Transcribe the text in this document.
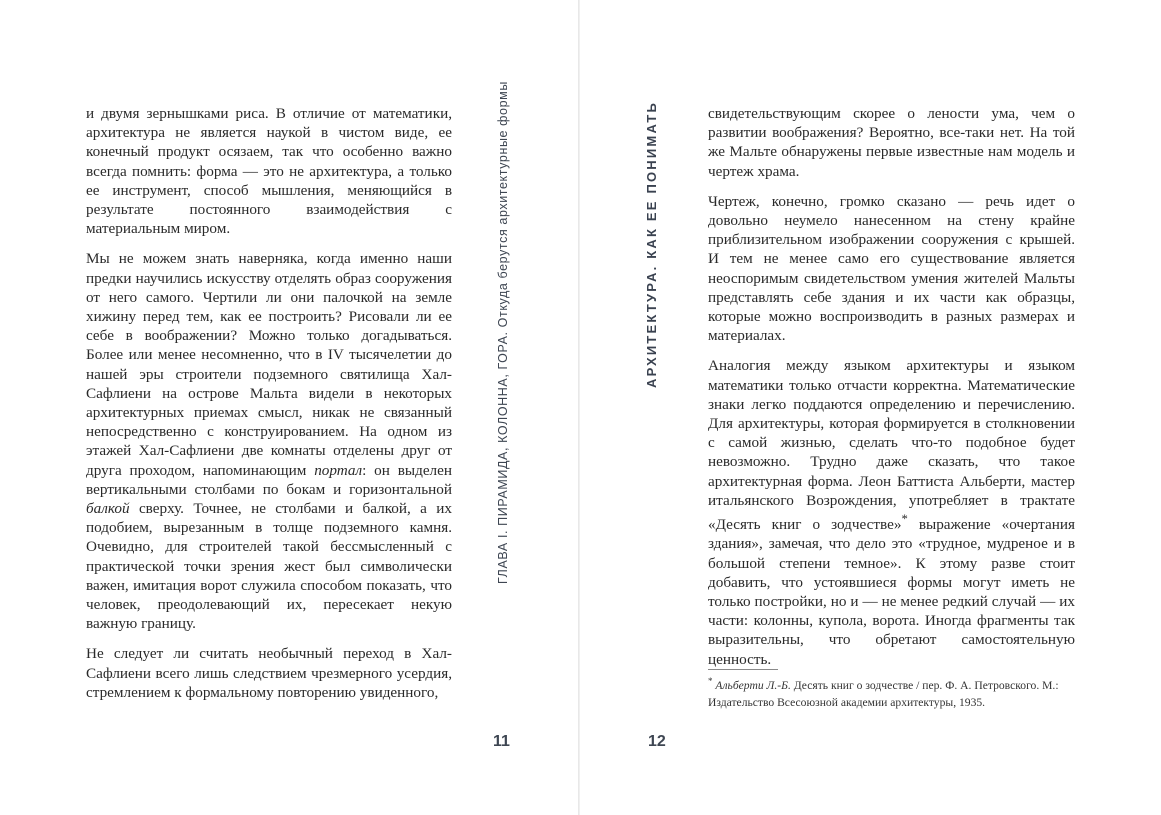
и двумя зернышками риса. В отличие от математики, архитектура не является наукой в чистом виде, ее конечный продукт осязаем, так что особенно важно всегда помнить: форма — это не архитектура, а только ее инструмент, способ мышления, меняющийся в результате постоянного взаимодействия с материальным миром.

Мы не можем знать наверняка, когда именно наши предки научились искусству отделять образ сооружения от него самого. Чертили ли они палочкой на земле хижину перед тем, как ее построить? Рисовали ли ее себе в воображении? Можно только догадываться. Более или менее несомненно, что в IV тысячелетии до нашей эры строители подземного святилища Хал-Сафлиени на острове Мальта видели в некоторых архитектурных приемах смысл, никак не связанный непосредственно с конструированием. На одном из этажей Хал-Сафлиени две комнаты отделены друг от друга проходом, напоминающим портал: он выделен вертикальными столбами по бокам и горизонтальной балкой сверху. Точнее, не столбами и балкой, а их подобием, вырезанным в толще подземного камня. Очевидно, для строителей такой бессмысленный с практической точки зрения жест был символически важен, имитация ворот служила способом показать, что человек, преодолевающий их, пересекает некую важную границу.

Не следует ли считать необычный переход в Хал-Сафлиени всего лишь следствием чрезмерного усердия, стремлением к формальному повторению увиденного,

ГЛАВА I. ПИРАМИДА, КОЛОННА, ГОРА. Откуда берутся архитектурные формы
11
АРХИТЕКТУРА. КАК ЕЕ ПОНИМАТЬ	свидетельствующим скорее о лености ума, чем о развитии воображения? Вероятно, все-таки нет. На той же Мальте обнаружены первые известные нам модель и чертеж храма.

Чертеж, конечно, громко сказано — речь идет о довольно неумело нанесенном на стену крайне приблизительном изображении сооружения с крышей. И тем не менее само его существование является неоспоримым свидетельством умения жителей Мальты представлять себе здания и их части как образцы, которые можно воспроизводить в разных размерах и материалах.

Аналогия между языком архитектуры и языком математики только отчасти корректна. Математические знаки легко поддаются определению и перечислению. Для архитектуры, которая формируется в столкновении с самой жизнью, сделать что-то подобное будет невозможно. Трудно даже сказать, что такое архитектурная форма. Леон Баттиста Альберти, мастер итальянского Возрождения, употребляет в трактате «Десять книг о зодчестве»* выражение «очертания здания», замечая, что дело это «трудное, мудреное и в большой степени темное». К этому разве стоит добавить, что устоявшиеся формы могут иметь не только постройки, но и — не менее редкий случай — их части: колонны, купола, ворота. Иногда фрагменты так выразительны, что обретают самостоятельную ценность.

* Альберти Л.-Б. Десять книг о зодчестве / пер. Ф. А. Петровского. М.: Издательство Всесоюзной академии архитектуры, 1935.
12
